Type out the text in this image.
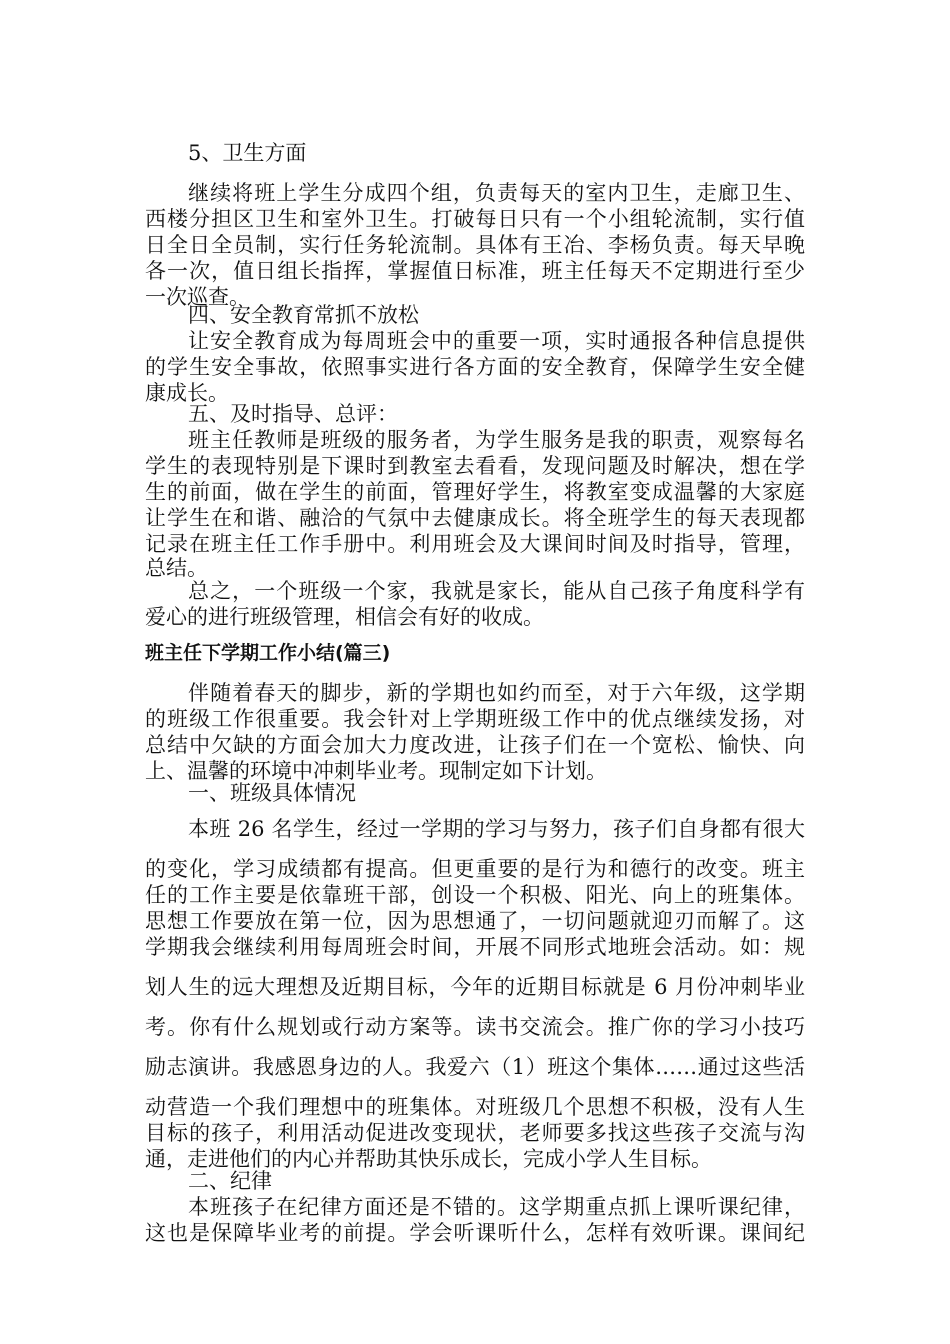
5、卫生方面
继续将班上学生分成四个组，负责每天的室内卫生，走廊卫生、
西楼分担区卫生和室外卫生。打破每日只有一个小组轮流制，实行值
日全日全员制，实行任务轮流制。具体有王冶、李杨负责。每天早晚
各一次，值日组长指挥，掌握值日标准，班主任每天不定期进行至少
一次巡查。
四、安全教育常抓不放松
让安全教育成为每周班会中的重要一项，实时通报各种信息提供
的学生安全事故，依照事实进行各方面的安全教育，保障学生安全健
康成长。
五、及时指导、总评：
班主任教师是班级的服务者，为学生服务是我的职责，观察每名
学生的表现特别是下课时到教室去看看，发现问题及时解决，想在学
生的前面，做在学生的前面，管理好学生，将教室变成温馨的大家庭
让学生在和谐、融洽的气氛中去健康成长。将全班学生的每天表现都
记录在班主任工作手册中。利用班会及大课间时间及时指导，管理，
总结。
总之，一个班级一个家，我就是家长，能从自己孩子角度科学有
爱心的进行班级管理，相信会有好的收成。
班主任下学期工作小结(篇三)
伴随着春天的脚步，新的学期也如约而至，对于六年级，这学期
的班级工作很重要。我会针对上学期班级工作中的优点继续发扬，对
总结中欠缺的方面会加大力度改进，让孩子们在一个宽松、愉快、向
上、温馨的环境中冲刺毕业考。现制定如下计划。
一、班级具体情况
本班 26 名学生，经过一学期的学习与努力，孩子们自身都有很大
的变化，学习成绩都有提高。但更重要的是行为和德行的改变。班主
任的工作主要是依靠班干部，创设一个积极、阳光、向上的班集体。
思想工作要放在第一位，因为思想通了，一切问题就迎刃而解了。这
学期我会继续利用每周班会时间，开展不同形式地班会活动。如：规
划人生的远大理想及近期目标，今年的近期目标就是 6 月份冲刺毕业
考。你有什么规划或行动方案等。读书交流会。推广你的学习小技巧
励志演讲。我感恩身边的人。我爱六（1）班这个集体……通过这些活
动营造一个我们理想中的班集体。对班级几个思想不积极，没有人生
目标的孩子，利用活动促进改变现状，老师要多找这些孩子交流与沟
通，走进他们的内心并帮助其快乐成长，完成小学人生目标。
二、纪律
本班孩子在纪律方面还是不错的。这学期重点抓上课听课纪律，
这也是保障毕业考的前提。学会听课听什么，怎样有效听课。课间纪
